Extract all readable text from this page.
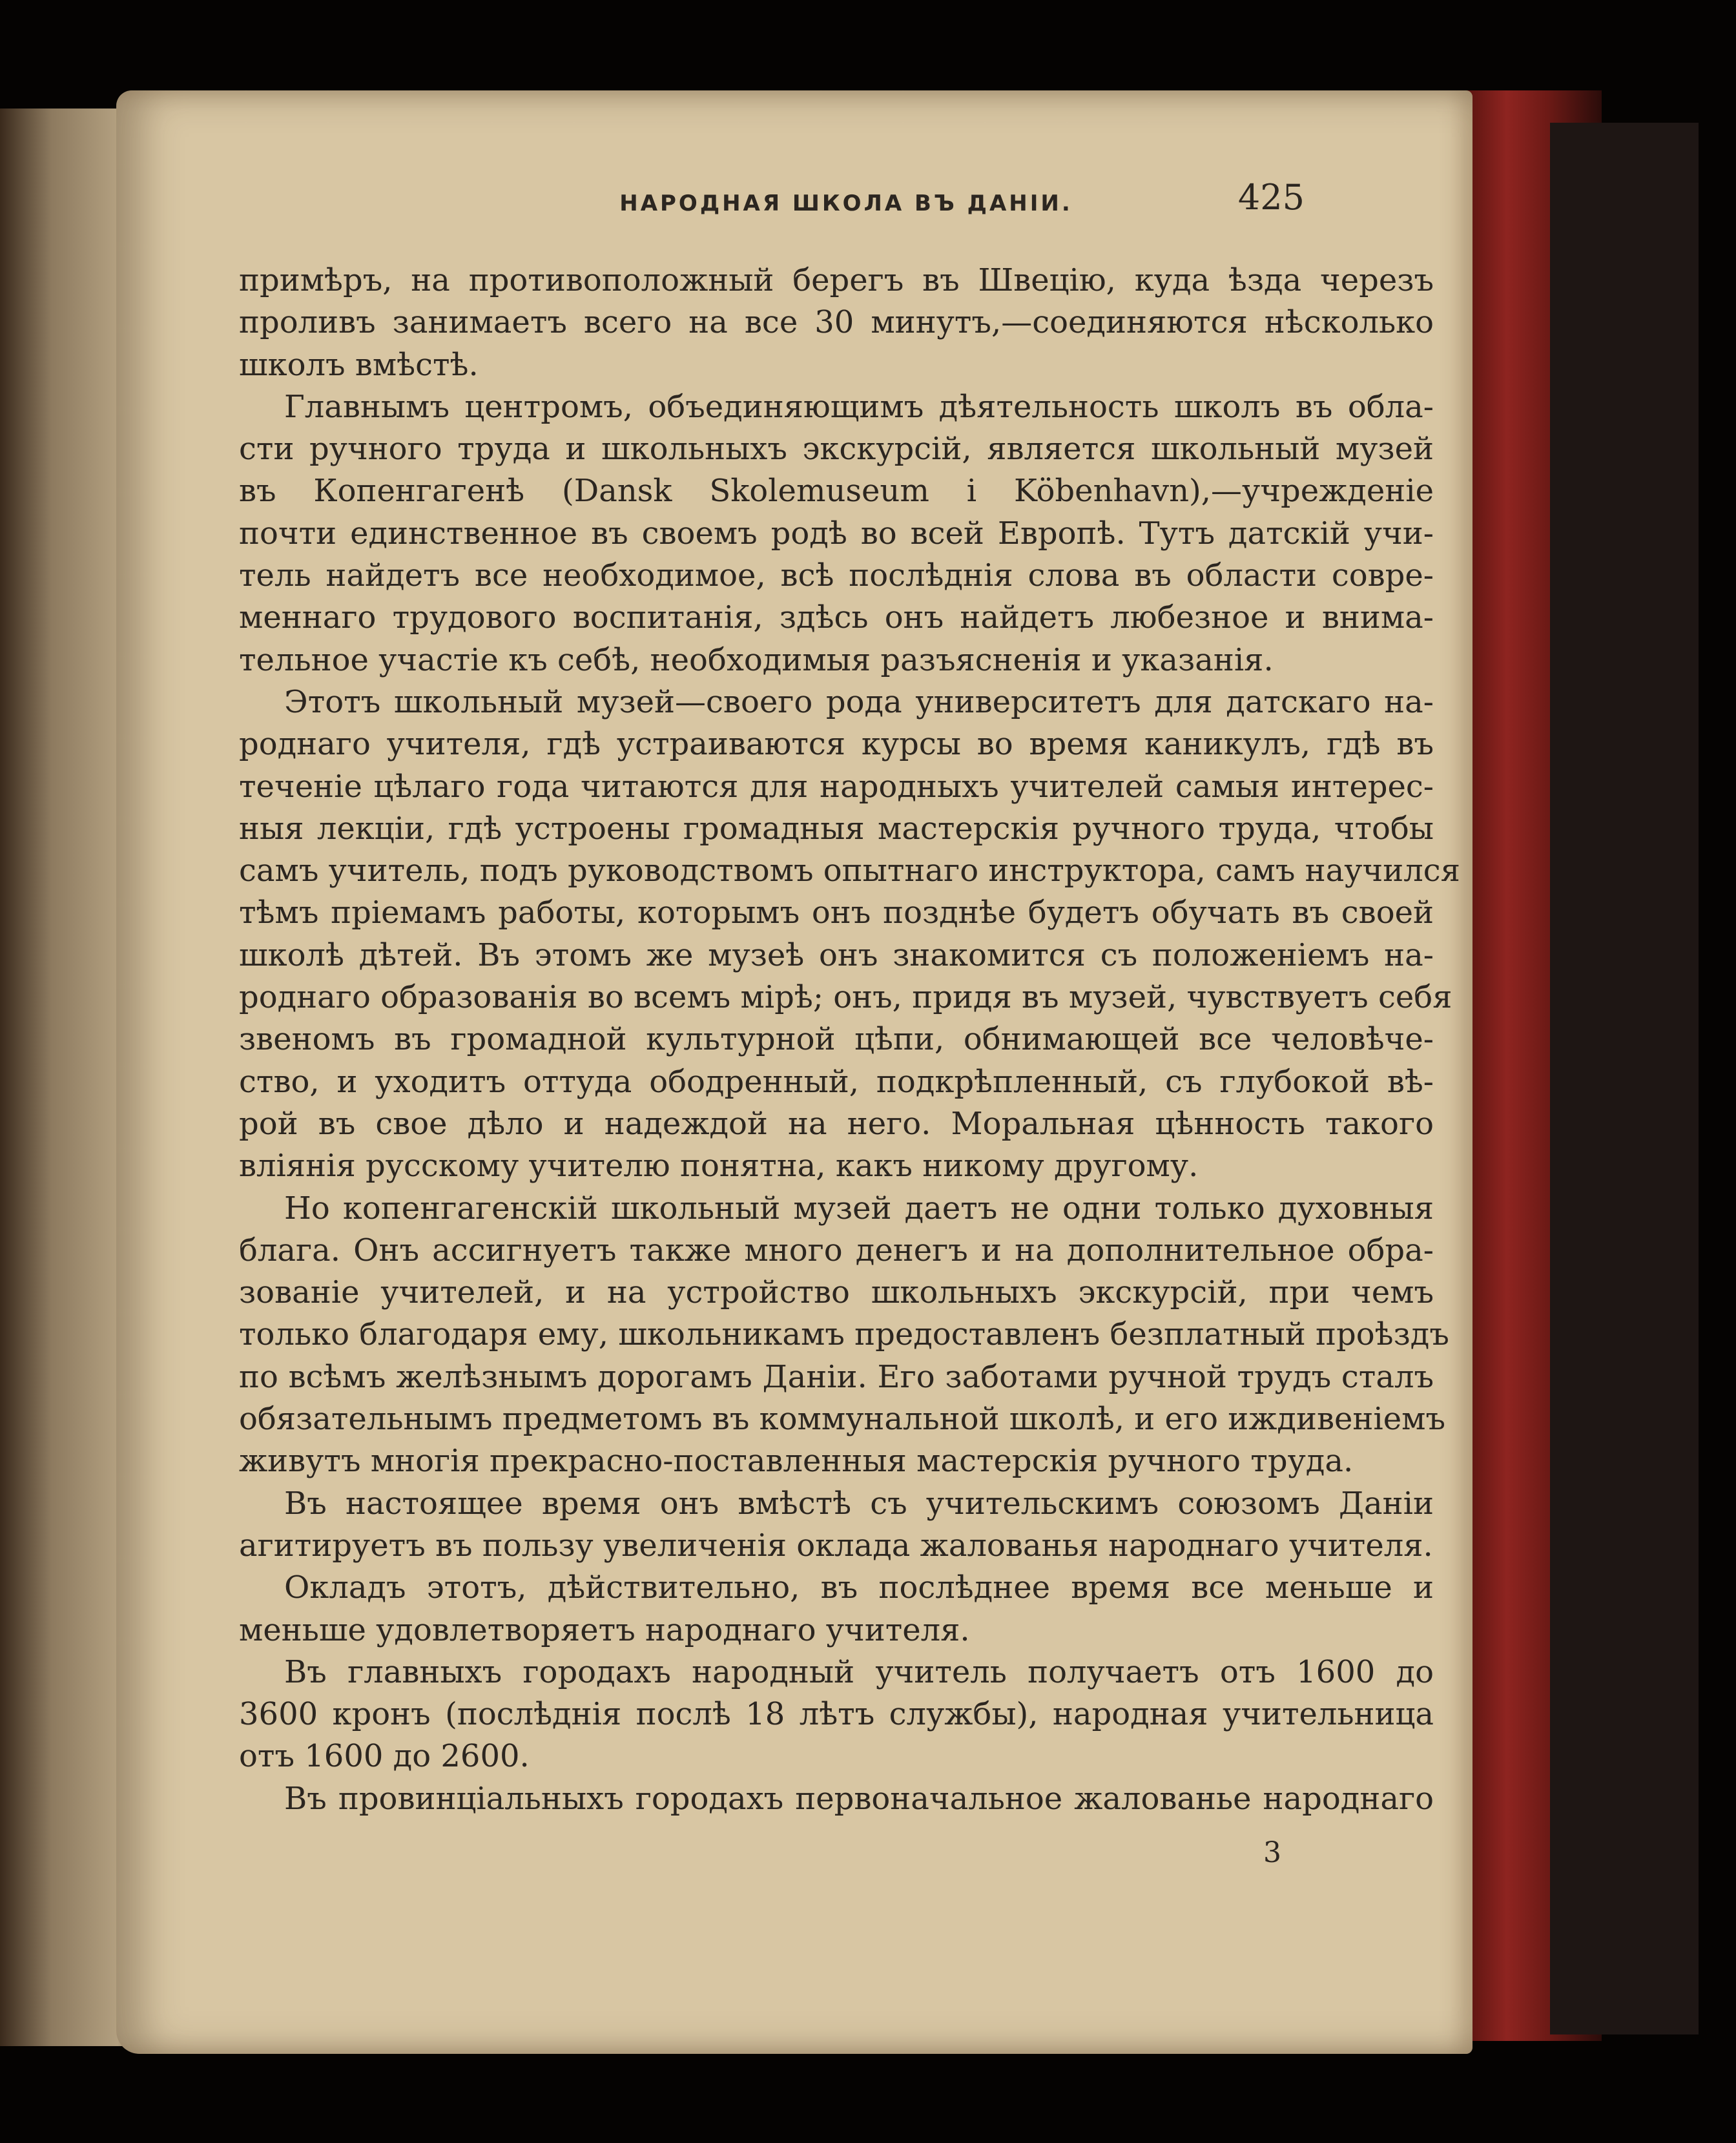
НАРОДНАЯ ШКОЛА ВЪ ДАНІИ.	425
примѣръ, на противоположный берегъ въ Швецію, куда ѣзда черезъ
проливъ занимаетъ всего на все 30 минутъ,—соединяются нѣсколько
школъ вмѣстѣ.
Главнымъ центромъ, объединяющимъ дѣятельность школъ въ обла-
сти ручного труда и школьныхъ экскурсій, является школьный музей
въ Копенгагенѣ (Dansk Skolemuseum i Köbenhavn),—учрежденіе
почти единственное въ своемъ родѣ во всей Европѣ. Тутъ датскій учи-
тель найдетъ все необходимое, всѣ послѣднія слова въ области совре-
меннаго трудового воспитанія, здѣсь онъ найдетъ любезное и внима-
тельное участіе къ себѣ, необходимыя разъясненія и указанія.
Этотъ школьный музей—своего рода университетъ для датскаго на-
роднаго учителя, гдѣ устраиваются курсы во время каникулъ, гдѣ въ
теченіе цѣлаго года читаются для народныхъ учителей самыя интерес-
ныя лекціи, гдѣ устроены громадныя мастерскія ручного труда, чтобы
самъ учитель, подъ руководствомъ опытнаго инструктора, самъ научился
тѣмъ пріемамъ работы, которымъ онъ позднѣе будетъ обучать въ своей
школѣ дѣтей. Въ этомъ же музеѣ онъ знакомится съ положеніемъ на-
роднаго образованія во всемъ мірѣ; онъ, придя въ музей, чувствуетъ себя
звеномъ въ громадной культурной цѣпи, обнимающей все человѣче-
ство, и уходитъ оттуда ободренный, подкрѣпленный, съ глубокой вѣ-
рой въ свое дѣло и надеждой на него. Моральная цѣнность такого
вліянія русскому учителю понятна, какъ никому другому.
Но копенгагенскій школьный музей даетъ не одни только духовныя
блага. Онъ ассигнуетъ также много денегъ и на дополнительное обра-
зованіе учителей, и на устройство школьныхъ экскурсій, при чемъ
только благодаря ему, школьникамъ предоставленъ безплатный проѣздъ
по всѣмъ желѣзнымъ дорогамъ Даніи. Его заботами ручной трудъ сталъ
обязательнымъ предметомъ въ коммунальной школѣ, и его иждивеніемъ
живутъ многія прекрасно-поставленныя мастерскія ручного труда.
Въ настоящее время онъ вмѣстѣ съ учительскимъ союзомъ Даніи
агитируетъ въ пользу увеличенія оклада жалованья народнаго учителя.
Окладъ этотъ, дѣйствительно, въ послѣднее время все меньше и
меньше удовлетворяетъ народнаго учителя.
Въ главныхъ городахъ народный учитель получаетъ отъ 1600 до
3600 кронъ (послѣднія послѣ 18 лѣтъ службы), народная учительница
отъ 1600 до 2600.
Въ провинціальныхъ городахъ первоначальное жалованье народнаго
3
